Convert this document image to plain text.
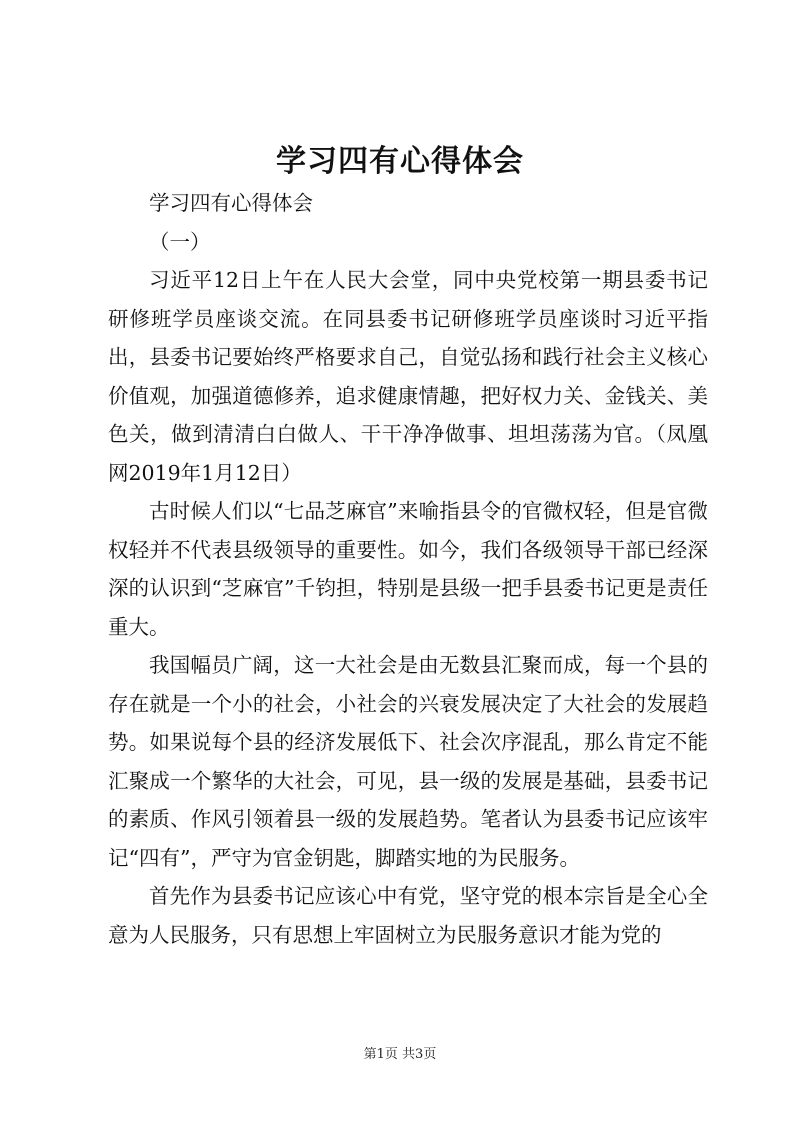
学习四有心得体会

学习四有心得体会

（一）

习近平12日上午在人民大会堂，同中央党校第一期县委书记研修班学员座谈交流。在同县委书记研修班学员座谈时习近平指出，县委书记要始终严格要求自己，自觉弘扬和践行社会主义核心价值观，加强道德修养，追求健康情趣，把好权力关、金钱关、美色关，做到清清白白做人、干干净净做事、坦坦荡荡为官。（凤凰网2019年1月12日）

古时候人们以“七品芝麻官”来喻指县令的官微权轻，但是官微权轻并不代表县级领导的重要性。如今，我们各级领导干部已经深深的认识到“芝麻官”千钧担，特别是县级一把手县委书记更是责任重大。

我国幅员广阔，这一大社会是由无数县汇聚而成，每一个县的存在就是一个小的社会，小社会的兴衰发展决定了大社会的发展趋势。如果说每个县的经济发展低下、社会次序混乱，那么肯定不能汇聚成一个繁华的大社会，可见，县一级的发展是基础，县委书记的素质、作风引领着县一级的发展趋势。笔者认为县委书记应该牢记“四有”，严守为官金钥匙，脚踏实地的为民服务。

首先作为县委书记应该心中有党，坚守党的根本宗旨是全心全意为人民服务，只有思想上牢固树立为民服务意识才能为党的

第1页 共3页
